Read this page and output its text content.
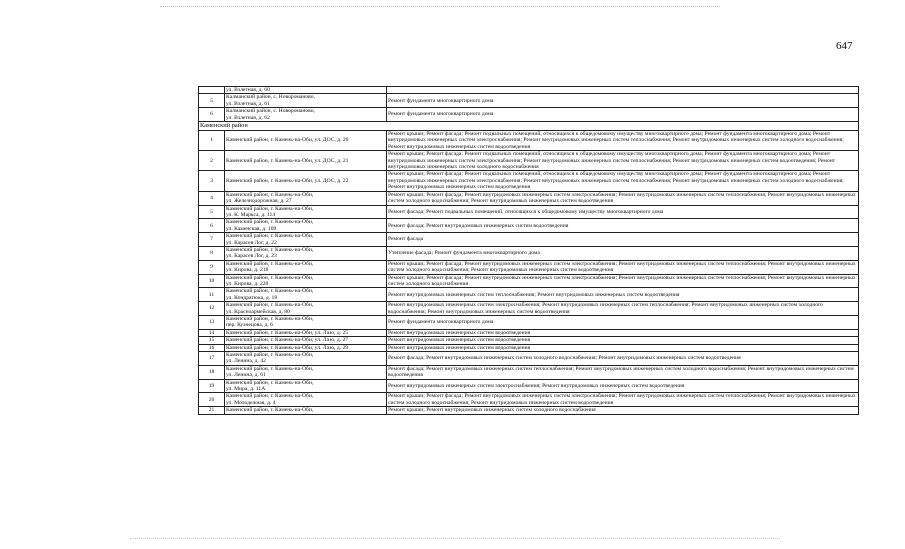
647
	ул. Взлетная, д. 60	
5	Калманский район, с. Новороманово,
ул. Взлетная, д. 61	Ремонт фундамента многоквартирного дома
6	Калманский район, с. Новороманово,
ул. Взлетная, д. 62	Ремонт фундамента многоквартирного дома
Каменский район		
1	Каменский район, г. Камень-на-Оби, ул. ДОС, д. 20	Ремонт крыши; Ремонт фасада; Ремонт подвальных помещений, относящихся к общедомовому имуществу многоквартирного дома; Ремонт фундамента многоквартирного дома; Ремонт внутридомовых инженерных систем электроснабжения; Ремонт внутридомовых инженерных систем теплоснабжения; Ремонт внутридомовых инженерных систем холодного водоснабжения; Ремонт внутридомовых инженерных систем водоотведения
2	Каменский район, г. Камень-на-Оби, ул. ДОС, д. 21	Ремонт крыши; Ремонт фасада; Ремонт подвальных помещений, относящихся к общедомовому имуществу многоквартирного дома; Ремонт фундамента многоквартирного дома; Ремонт внутридомовых инженерных систем электроснабжения; Ремонт внутридомовых инженерных систем теплоснабжения; Ремонт внутридомовых инженерных систем водоотведения; Ремонт внутридомовых инженерных систем холодного водоснабжения
3	Каменский район, г. Камень-на-Оби, ул. ДОС, д. 22	Ремонт крыши; Ремонт фасада; Ремонт подвальных помещений, относящихся к общедомовому имуществу многоквартирного дома; Ремонт фундамента многоквартирного дома; Ремонт внутридомовых инженерных систем электроснабжения; Ремонт внутридомовых инженерных систем теплоснабжения; Ремонт внутридомовых инженерных систем холодного водоснабжения; Ремонт внутридомовых инженерных систем водоотведения
4	Каменский район, г. Камень-на-Оби,
ул. Железнодорожная, д. 27	Ремонт крыши; Ремонт фасада; Ремонт внутридомовых инженерных систем электроснабжения; Ремонт внутридомовых инженерных систем теплоснабжения; Ремонт внутридомовых инженерных систем холодного водоснабжения; Ремонт внутридомовых инженерных систем водоотведения
5	Каменский район, г. Камень-на-Оби,
ул. К. Маркса, д. 114	Ремонт фасада; Ремонт подвальных помещений, относящихся к общедомовому имуществу многоквартирного дома
6	Каменский район, г. Камень-на-Оби,
ул. Каменская, д. 109	Ремонт фасада; Ремонт внутридомовых инженерных систем водоотведения
7	Каменский район, г. Камень-на-Оби,
ул. Карасев Лог, д. 22	Ремонт фасада
8	Каменский район, г. Камень-на-Оби,
ул. Карасев Лог, д. 23	Утепление фасада; Ремонт фундамента многоквартирного дома
9	Каменский район, г. Камень-на-Оби,
ул. Кирова, д. 218	Ремонт крыши; Ремонт фасада; Ремонт внутридомовых инженерных систем электроснабжения; Ремонт внутридомовых инженерных систем теплоснабжения; Ремонт внутридомовых инженерных систем холодного водоснабжения; Ремонт внутридомовых инженерных систем водоотведения
10	Каменский район, г. Камень-на-Оби,
ул. Кирова, д. 220	Ремонт крыши; Ремонт фасада; Ремонт внутридомовых инженерных систем электроснабжения; Ремонт внутридомовых инженерных систем теплоснабжения; Ремонт внутридомовых инженерных систем холодного водоснабжения
11	Каменский район, г. Камень-на-Оби,
ул. Кондратюка, д. 18	Ремонт внутридомовых инженерных систем теплоснабжения; Ремонт внутридомовых инженерных систем водоотведения
12	Каменский район, г. Камень-на-Оби,
ул. Красноармейская, д. 80	Ремонт внутридомовых инженерных систем электроснабжения; Ремонт внутридомовых инженерных систем теплоснабжения; Ремонт внутридомовых инженерных систем холодного водоснабжения; Ремонт внутридомовых инженерных систем водоотведения
13	Каменский район, г. Камень-на-Оби,
пер. Кузнецова, д. 6	Ремонт фундамента многоквартирного дома
14	Каменский район, г. Камень-на-Оби, ул. Лазо, д. 25	Ремонт внутридомовых инженерных систем водоотведения
15	Каменский район, г. Камень-на-Оби, ул. Лазо, д. 27	Ремонт внутридомовых инженерных систем водоотведения
16	Каменский район, г. Камень-на-Оби, ул. Лазо, д. 29	Ремонт внутридомовых инженерных систем водоотведения
17	Каменский район, г. Камень-на-Оби,
ул. Ленина, д. 42	Ремонт фасада; Ремонт внутридомовых инженерных систем холодного водоснабжения; Ремонт внутридомовых инженерных систем водоотведения
18	Каменский район, г. Камень-на-Оби,
ул. Ленина, д. 61	Ремонт фасада; Ремонт внутридомовых инженерных систем теплоснабжения; Ремонт внутридомовых инженерных систем холодного водоснабжения; Ремонт внутридомовых инженерных систем водоотведения
19	Каменский район, г. Камень-на-Оби,
ул. Мира, д. 11А	Ремонт внутридомовых инженерных систем электроснабжения; Ремонт внутридомовых инженерных систем водоотведения
20	Каменский район, г. Камень-на-Оби,
ул. Молодежная, д. 4	Ремонт крыши; Ремонт фасада; Ремонт внутридомовых инженерных систем электроснабжения; Ремонт внутридомовых инженерных систем теплоснабжения; Ремонт внутридомовых инженерных систем холодного водоснабжения; Ремонт внутридомовых инженерных систем водоотведения
21	Каменский район, г. Камень-на-Оби,	Ремонт крыши; Ремонт внутридомовых инженерных систем холодного водоснабжения
